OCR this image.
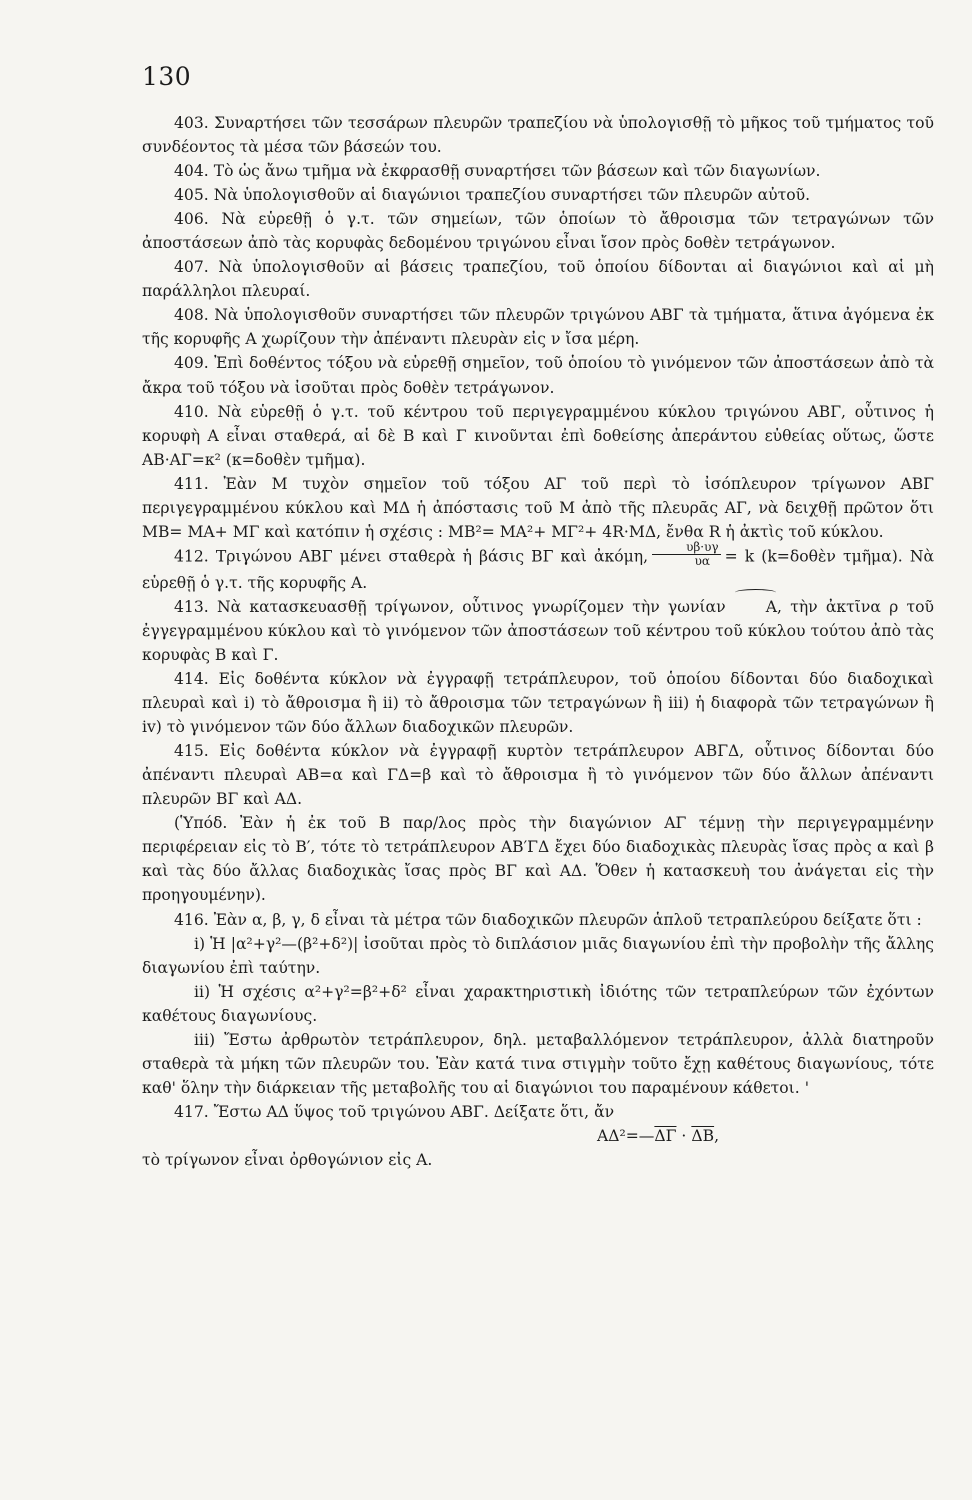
130

403. Συναρτήσει τῶν τεσσάρων πλευρῶν τραπεζίου νὰ ὑπολογισθῇ τὸ μῆκος τοῦ τμήματος τοῦ συνδέοντος τὰ μέσα τῶν βάσεών του.

404. Τὸ ὡς ἄνω τμῆμα νὰ ἐκφρασθῇ συναρτήσει τῶν βάσεων καὶ τῶν διαγωνίων.

405. Νὰ ὑπολογισθοῦν αἱ διαγώνιοι τραπεζίου συναρτήσει τῶν πλευρῶν αὐτοῦ.

406. Νὰ εὑρεθῇ ὁ γ.τ. τῶν σημείων, τῶν ὁποίων τὸ ἄθροισμα τῶν τετραγώνων τῶν ἀποστάσεων ἀπὸ τὰς κορυφὰς δεδομένου τριγώνου εἶναι ἴσον πρὸς δοθὲν τετράγωνον.

407. Νὰ ὑπολογισθοῦν αἱ βάσεις τραπεζίου, τοῦ ὁποίου δίδονται αἱ διαγώνιοι καὶ αἱ μὴ παράλληλοι πλευραί.

408. Νὰ ὑπολογισθοῦν συναρτήσει τῶν πλευρῶν τριγώνου ΑΒΓ τὰ τμήματα, ἅτινα ἀγόμενα ἐκ τῆς κορυφῆς Α χωρίζουν τὴν ἀπέναντι πλευρὰν εἰς ν ἴσα μέρη.

409. Ἐπὶ δοθέντος τόξου νὰ εὑρεθῇ σημεῖον, τοῦ ὁποίου τὸ γινόμενον τῶν ἀποστάσεων ἀπὸ τὰ ἄκρα τοῦ τόξου νὰ ἰσοῦται πρὸς δοθὲν τετράγωνον.

410. Νὰ εὑρεθῇ ὁ γ.τ. τοῦ κέντρου τοῦ περιγεγραμμένου κύκλου τριγώνου ΑΒΓ, οὗτινος ἡ κορυφὴ Α εἶναι σταθερά, αἱ δὲ Β καὶ Γ κινοῦνται ἐπὶ δοθείσης ἀπεράντου εὐθείας οὕτως, ὥστε ΑΒ·ΑΓ=κ² (κ=δοθὲν τμῆμα).

411. Ἐὰν Μ τυχὸν σημεῖον τοῦ τόξου ΑΓ τοῦ περὶ τὸ ἰσόπλευρον τρίγωνον ΑΒΓ περιγεγραμμένου κύκλου καὶ ΜΔ ἡ ἀπόστασις τοῦ Μ ἀπὸ τῆς πλευρᾶς ΑΓ, νὰ δειχθῇ πρῶτον ὅτι ΜΒ= ΜΑ+ ΜΓ καὶ κατόπιν ἡ σχέσις : ΜΒ²= ΜΑ²+ ΜΓ²+ 4R·ΜΔ, ἔνθα R ἡ ἀκτὶς τοῦ κύκλου.

412. Τριγώνου ΑΒΓ μένει σταθερὰ ἡ βάσις ΒΓ καὶ ἀκόμη, $\frac{\upsilon\beta\cdot\upsilon\gamma}{\upsilon\alpha} = k$ (k=δοθὲν τμῆμα). Νὰ εὑρεθῇ ὁ γ.τ. τῆς κορυφῆς Α.

413. Νὰ κατασκευασθῇ τρίγωνον, οὗτινος γνωρίζομεν τὴν γωνίαν	Α, τὴν ἀκτῖνα ρ τοῦ ἐγγεγραμμένου κύκλου καὶ τὸ γινόμενον τῶν ἀποστάσεων τοῦ κέντρου τοῦ κύκλου τούτου ἀπὸ τὰς κορυφὰς Β καὶ Γ.

414. Εἰς δοθέντα κύκλον νὰ ἐγγραφῇ τετράπλευρον, τοῦ ὁποίου δίδονται δύο διαδοχικαὶ πλευραὶ καὶ i) τὸ ἄθροισμα ἢ ii) τὸ ἄθροισμα τῶν τετραγώνων ἢ iii) ἡ διαφορὰ τῶν τετραγώνων ἢ iv) τὸ γινόμενον τῶν δύο ἄλλων διαδοχικῶν πλευρῶν.

415. Εἰς δοθέντα κύκλον νὰ ἐγγραφῇ κυρτὸν τετράπλευρον ΑΒΓΔ, οὗτινος δίδονται δύο ἀπέναντι πλευραὶ ΑΒ=α καὶ ΓΔ=β καὶ τὸ ἄθροισμα ἢ τὸ γινόμενον τῶν δύο ἄλλων ἀπέναντι πλευρῶν ΒΓ καὶ ΑΔ.

(Ὑπόδ. Ἐὰν ἡ ἐκ τοῦ Β παρ/λος πρὸς τὴν διαγώνιον ΑΓ τέμνῃ τὴν περιγεγραμμένην περιφέρειαν εἰς τὸ Β′, τότε τὸ τετράπλευρον ΑΒ′ΓΔ ἔχει δύο διαδοχικὰς πλευρὰς ἴσας πρὸς α καὶ β καὶ τὰς δύο ἄλλας διαδοχικὰς ἴσας πρὸς ΒΓ καὶ ΑΔ. Ὅθεν ἡ κατασκευὴ του ἀνάγεται εἰς τὴν προηγουμένην).

416. Ἐὰν α, β, γ, δ εἶναι τὰ μέτρα τῶν διαδοχικῶν πλευρῶν ἁπλοῦ τετραπλεύρου δείξατε ὅτι :

i) Ἡ |α²+γ²—(β²+δ²)| ἰσοῦται πρὸς τὸ διπλάσιον μιᾶς διαγωνίου ἐπὶ τὴν προβολὴν τῆς ἄλλης διαγωνίου ἐπὶ ταύτην.

ii) Ἡ σχέσις α²+γ²=β²+δ² εἶναι χαρακτηριστικὴ ἰδιότης τῶν τετραπλεύρων τῶν ἐχόντων καθέτους διαγωνίους.

iii) Ἔστω ἀρθρωτὸν τετράπλευρον, δηλ. μεταβαλλόμενον τετράπλευρον, ἀλλὰ διατηροῦν σταθερὰ τὰ μήκη τῶν πλευρῶν του. Ἐὰν κατά τινα στιγμὴν τοῦτο ἔχῃ καθέτους διαγωνίους, τότε καθ' ὅλην τὴν διάρκειαν τῆς μεταβολῆς του αἱ διαγώνιοι του παραμένουν κάθετοι. '

417. Ἔστω ΑΔ ὕψος τοῦ τριγώνου ΑΒΓ. Δείξατε ὅτι, ἄν

$A\Delta^2=—\overline{\Delta\Gamma} \cdot \overline{\Delta B}$,

τὸ τρίγωνον εἶναι ὀρθογώνιον εἰς Α.
